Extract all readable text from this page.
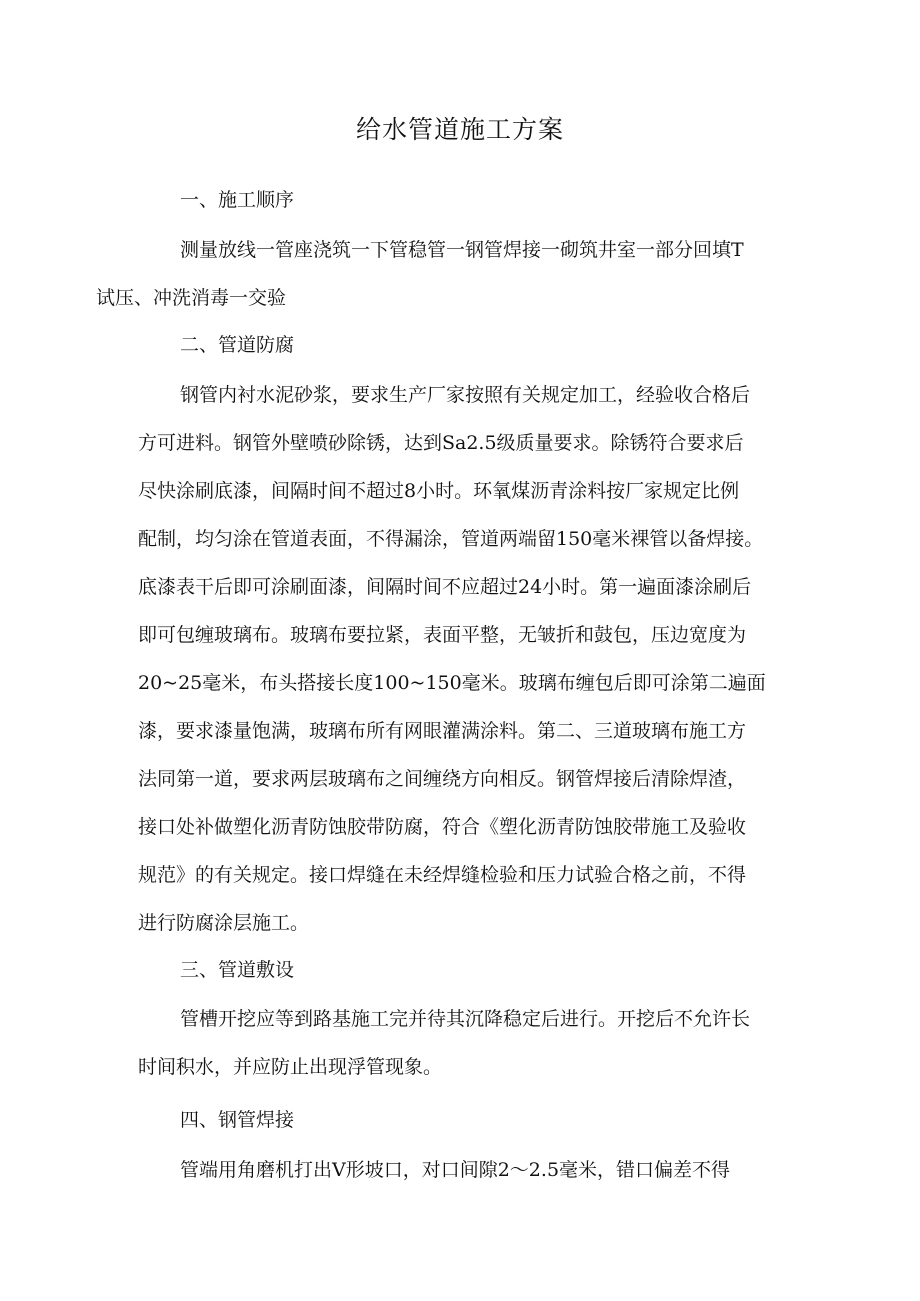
给水管道施工方案
一、施工顺序
测量放线一管座浇筑一下管稳管一钢管焊接一砌筑井室一部分回填T
试压、冲洗消毒一交验
二、管道防腐
钢管内衬水泥砂浆，要求生产厂家按照有关规定加工，经验收合格后
方可进料。钢管外壁喷砂除锈，达到Sa2.5级质量要求。除锈符合要求后
尽快涂刷底漆，间隔时间不超过8小时。环氧煤沥青涂料按厂家规定比例
配制，均匀涂在管道表面，不得漏涂，管道两端留150毫米裸管以备焊接。
底漆表干后即可涂刷面漆，间隔时间不应超过24小时。第一遍面漆涂刷后
即可包缠玻璃布。玻璃布要拉紧，表面平整，无皱折和鼓包，压边宽度为
20~25毫米，布头搭接长度100~150毫米。玻璃布缠包后即可涂第二遍面
漆，要求漆量饱满，玻璃布所有网眼灌满涂料。第二、三道玻璃布施工方
法同第一道，要求两层玻璃布之间缠绕方向相反。钢管焊接后清除焊渣，
接口处补做塑化沥青防蚀胶带防腐，符合《塑化沥青防蚀胶带施工及验收
规范》的有关规定。接口焊缝在未经焊缝检验和压力试验合格之前，不得
进行防腐涂层施工。
三、管道敷设
管槽开挖应等到路基施工完并待其沉降稳定后进行。开挖后不允许长
时间积水，并应防止出现浮管现象。
四、钢管焊接
管端用角磨机打出V形坡口，对口间隙2～2.5毫米，错口偏差不得
